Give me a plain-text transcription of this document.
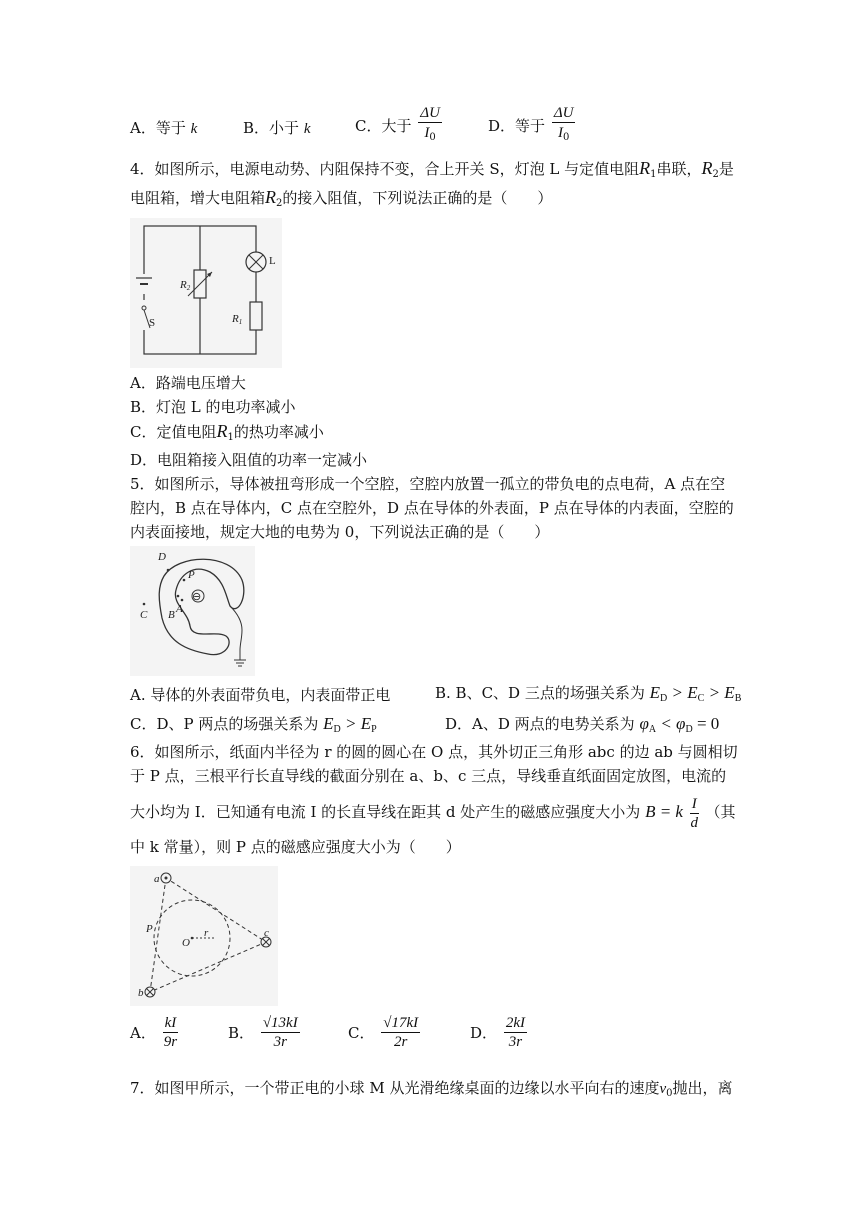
A．等于 k	B．小于 k	C．大于 $\frac{\Delta U}{I_0}$	D．等于 $\frac{\Delta U}{I_0}$
4．如图所示，电源电动势、内阻保持不变，合上开关 S，灯泡 L 与定值电阻$R_1$串联，$R_2$是
电阻箱，增大电阻箱$R_2$的接入阻值，下列说法正确的是（　　）
S
R2
L
R1
A．路端电压增大
B．灯泡 L 的电功率减小
C．定值电阻$R_1$的热功率减小
D．电阻箱接入阻值的功率一定减小
5．如图所示，导体被扭弯形成一个空腔，空腔内放置一孤立的带负电的点电荷，A 点在空
腔内，B 点在导体内，C 点在空腔外，D 点在导体的外表面，P 点在导体的内表面，空腔的
内表面接地，规定大地的电势为 0，下列说法正确的是（　　）
⊖
D
P
C B A
A. 导体的外表面带负电，内表面带正电	B. B、C、D 三点的场强关系为 $E_D > E_C > E_B$
C．D、P 两点的场强关系为 $E_D > E_P$	D．A、D 两点的电势关系为 $\varphi_A < \varphi_D = 0$
6．如图所示，纸面内半径为 r 的圆的圆心在 O 点，其外切正三角形 abc 的边 ab 与圆相切
于 P 点，三根平行长直导线的截面分别在 a、b、c 三点，导线垂直纸面固定放图，电流的
大小均为 I．已知通有电流 I 的长直导线在距其 d 处产生的磁感应强度大小为 B = k $\frac{I}{d}$ （其
中 k 常量），则 P 点的磁感应强度大小为（　　）
a
b
c
P
O
r
A． $\frac{kI}{9r}$	B． $\frac{√13kI}{3r}$	C． $\frac{√17kI}{2r}$	D． $\frac{2kI}{3r}$
7．如图甲所示，一个带正电的小球 M 从光滑绝缘桌面的边缘以水平向右的速度$v_0$抛出，离
